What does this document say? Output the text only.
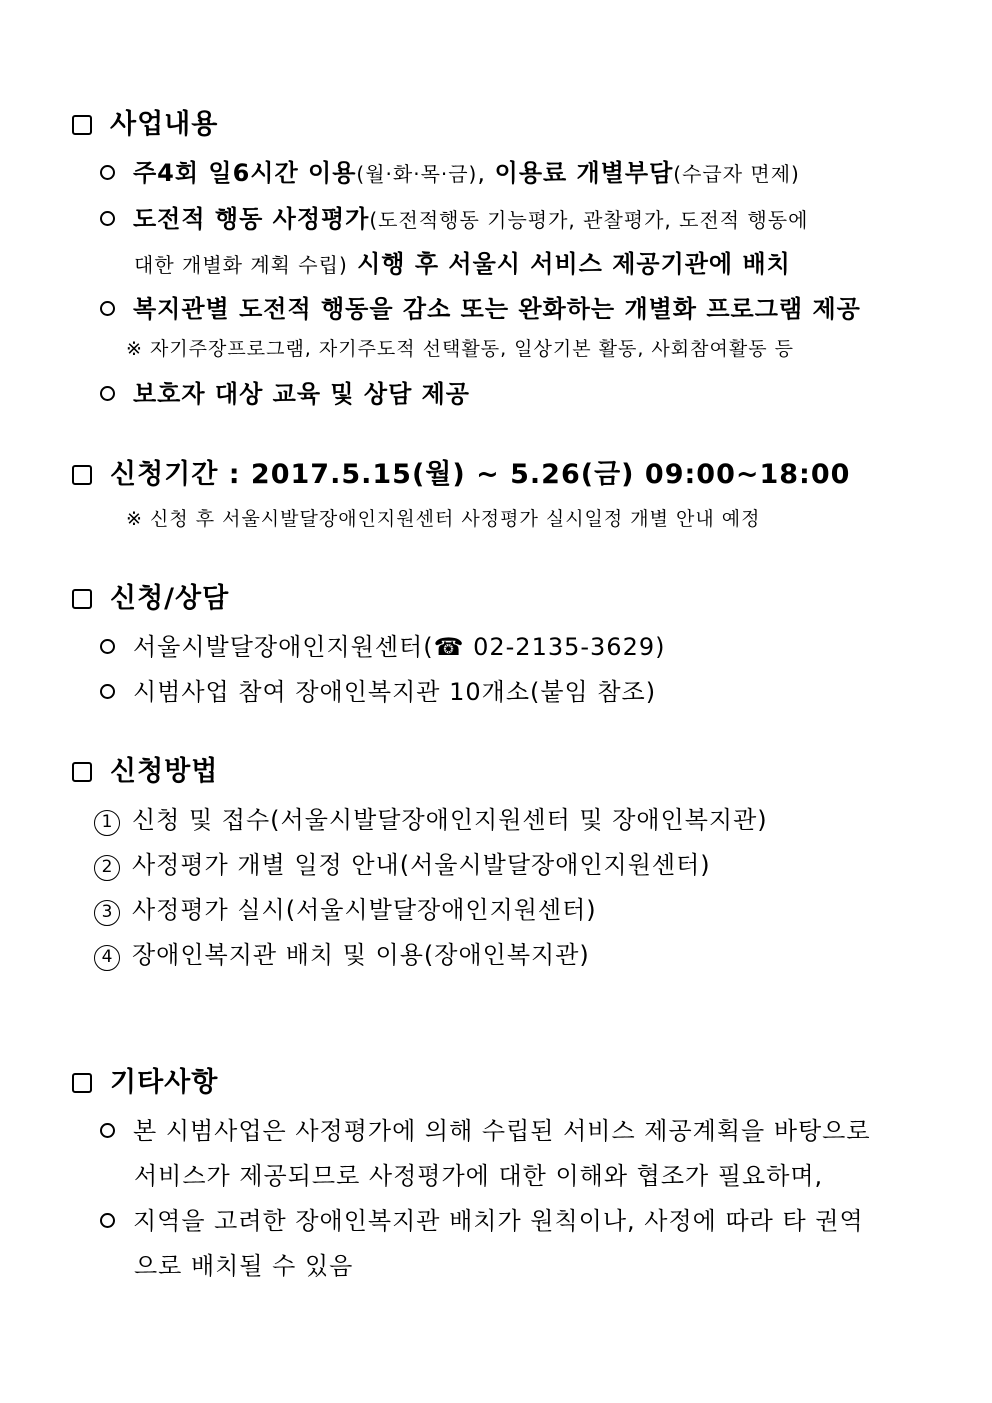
사업내용
주4회 일6시간 이용(월·화·목·금), 이용료 개별부담(수급자 면제)
도전적 행동 사정평가(도전적행동 기능평가, 관찰평가, 도전적 행동에
대한 개별화 계획 수립) 시행 후 서울시 서비스 제공기관에 배치
복지관별 도전적 행동을 감소 또는 완화하는 개별화 프로그램 제공
※ 자기주장프로그램, 자기주도적 선택활동, 일상기본 활동, 사회참여활동 등
보호자 대상 교육 및 상담 제공
신청기간 : 2017.5.15(월) ~ 5.26(금) 09:00~18:00
※ 신청 후 서울시발달장애인지원센터 사정평가 실시일정 개별 안내 예정
신청/상담
서울시발달장애인지원센터(☎ 02-2135-3629)
시범사업 참여 장애인복지관 10개소(붙임 참조)
신청방법
1 신청 및 접수(서울시발달장애인지원센터 및 장애인복지관)
2 사정평가 개별 일정 안내(서울시발달장애인지원센터)
3 사정평가 실시(서울시발달장애인지원센터)
4 장애인복지관 배치 및 이용(장애인복지관)
기타사항
본 시범사업은 사정평가에 의해 수립된 서비스 제공계획을 바탕으로
서비스가 제공되므로 사정평가에 대한 이해와 협조가 필요하며,
지역을 고려한 장애인복지관 배치가 원칙이나, 사정에 따라 타 권역
으로 배치될 수 있음
